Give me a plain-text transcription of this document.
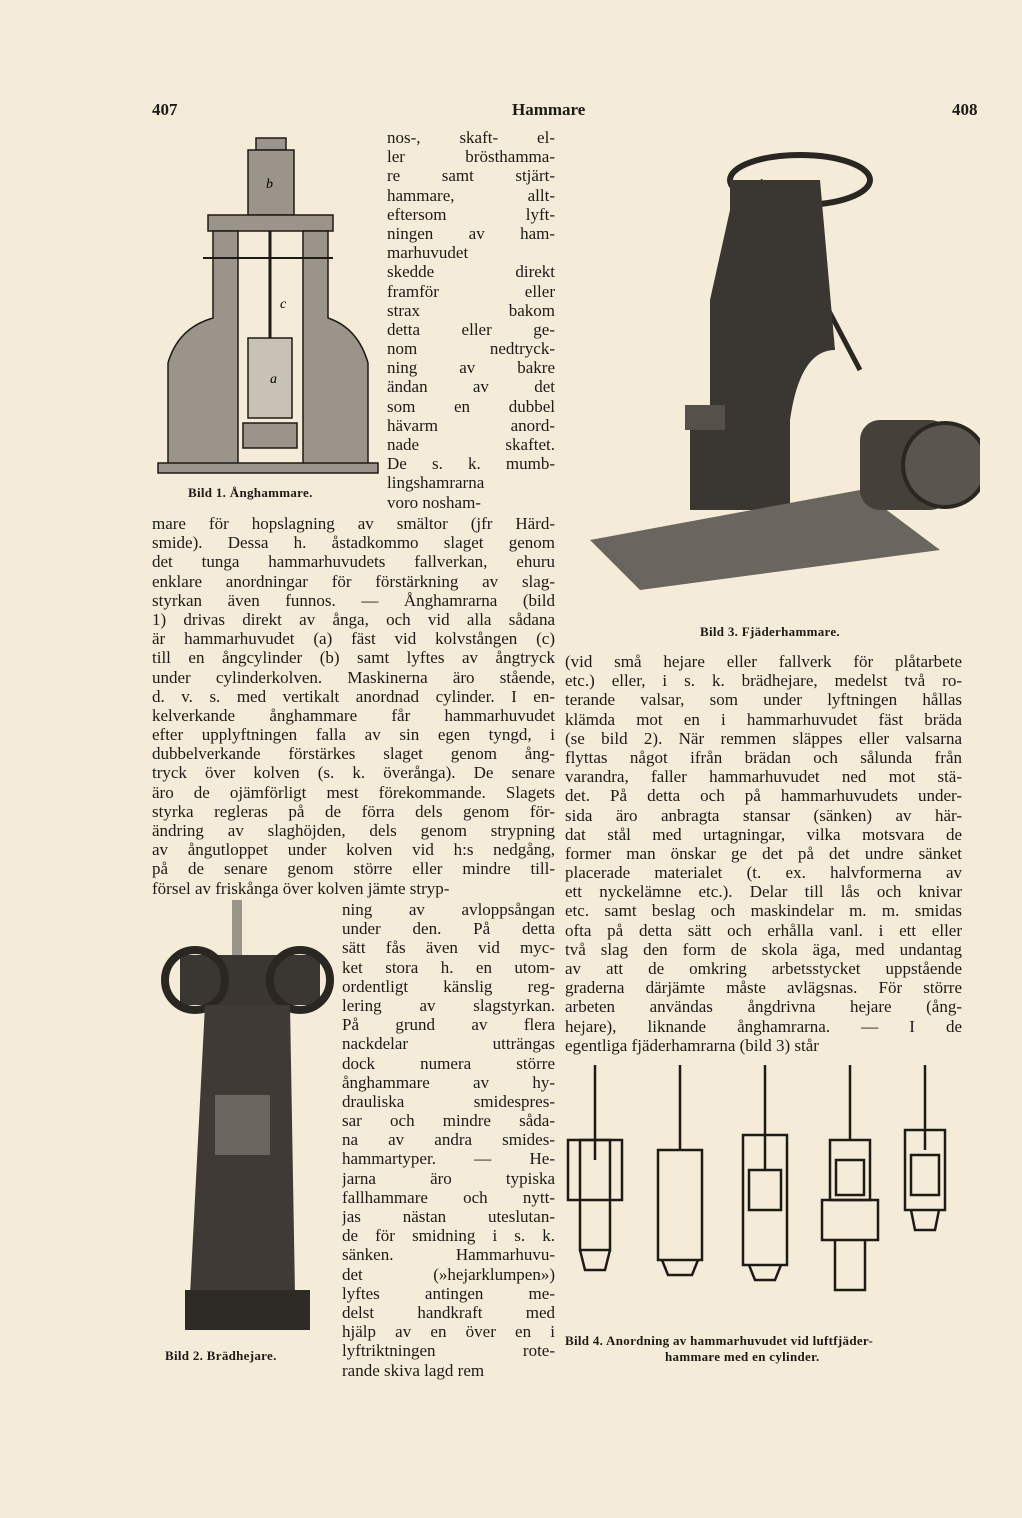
407	Hammare	408
b
c
a
Bild 1. Ånghammare.
Bild 3. Fjäderhammare.
Bild 2. Brädhejare.
Bild 4. Anordning av hammarhuvudet vid luftfjäder-
hammare med en cylinder.
nos-, skaft- el-
ler brösthamma-
re samt stjärt-
hammare, allt-
eftersom lyft-
ningen av ham-
marhuvudet
skedde direkt
framför eller
strax bakom
detta eller ge-
nom nedtryck-
ning av bakre
ändan av det
som en dubbel
hävarm anord-
nade skaftet.
De s. k. mumb-
lingshamrarna
voro nosham-
mare för hopslagning av smältor (jfr Härd-
smide). Dessa h. åstadkommo slaget genom
det tunga hammarhuvudets fallverkan, ehuru
enklare anordningar för förstärkning av slag-
styrkan även funnos. — Ånghamrarna (bild
1) drivas direkt av ånga, och vid alla sådana
är hammarhuvudet (a) fäst vid kolvstången (c)
till en ångcylinder (b) samt lyftes av ångtryck
under cylinderkolven. Maskinerna äro stående,
d. v. s. med vertikalt anordnad cylinder. I en-
kelverkande ånghammare får hammarhuvudet
efter upplyftningen falla av sin egen tyngd, i
dubbelverkande förstärkes slaget genom ång-
tryck över kolven (s. k. överånga). De senare
äro de ojämförligt mest förekommande. Slagets
styrka regleras på de förra dels genom för-
ändring av slaghöjden, dels genom strypning
av ångutloppet under kolven vid h:s nedgång,
på de senare genom större eller mindre till-
försel av friskånga över kolven jämte stryp-
ning av avloppsångan
under den. På detta
sätt fås även vid myc-
ket stora h. en utom-
ordentligt känslig reg-
lering av slagstyrkan.
På grund av flera
nackdelar utträngas
dock numera större
ånghammare av hy-
drauliska smidespres-
sar och mindre såda-
na av andra smides-
hammartyper. — He-
jarna äro typiska
fallhammare och nytt-
jas nästan uteslutan-
de för smidning i s. k.
sänken. Hammarhuvu-
det (»hejarklumpen»)
lyftes antingen me-
delst handkraft med
hjälp av en över en i
lyftriktningen rote-
rande skiva lagd rem
(vid små hejare eller fallverk för plåtarbete
etc.) eller, i s. k. brädhejare, medelst två ro-
terande valsar, som under lyftningen hållas
klämda mot en i hammarhuvudet fäst bräda
(se bild 2). När remmen släppes eller valsarna
flyttas något ifrån brädan och sålunda från
varandra, faller hammarhuvudet ned mot stä-
det. På detta och på hammarhuvudets under-
sida äro anbragta stansar (sänken) av här-
dat stål med urtagningar, vilka motsvara de
former man önskar ge det på det undre sänket
placerade materialet (t. ex. halvformerna av
ett nyckelämne etc.). Delar till lås och knivar
etc. samt beslag och maskindelar m. m. smidas
ofta på detta sätt och erhålla vanl. i ett eller
två slag den form de skola äga, med undantag
av att de omkring arbetsstycket uppstående
graderna därjämte måste avlägsnas. För större
arbeten användas ångdrivna hejare (ång-
hejare), liknande ånghamrarna. — I de
egentliga fjäderhamrarna (bild 3) står
